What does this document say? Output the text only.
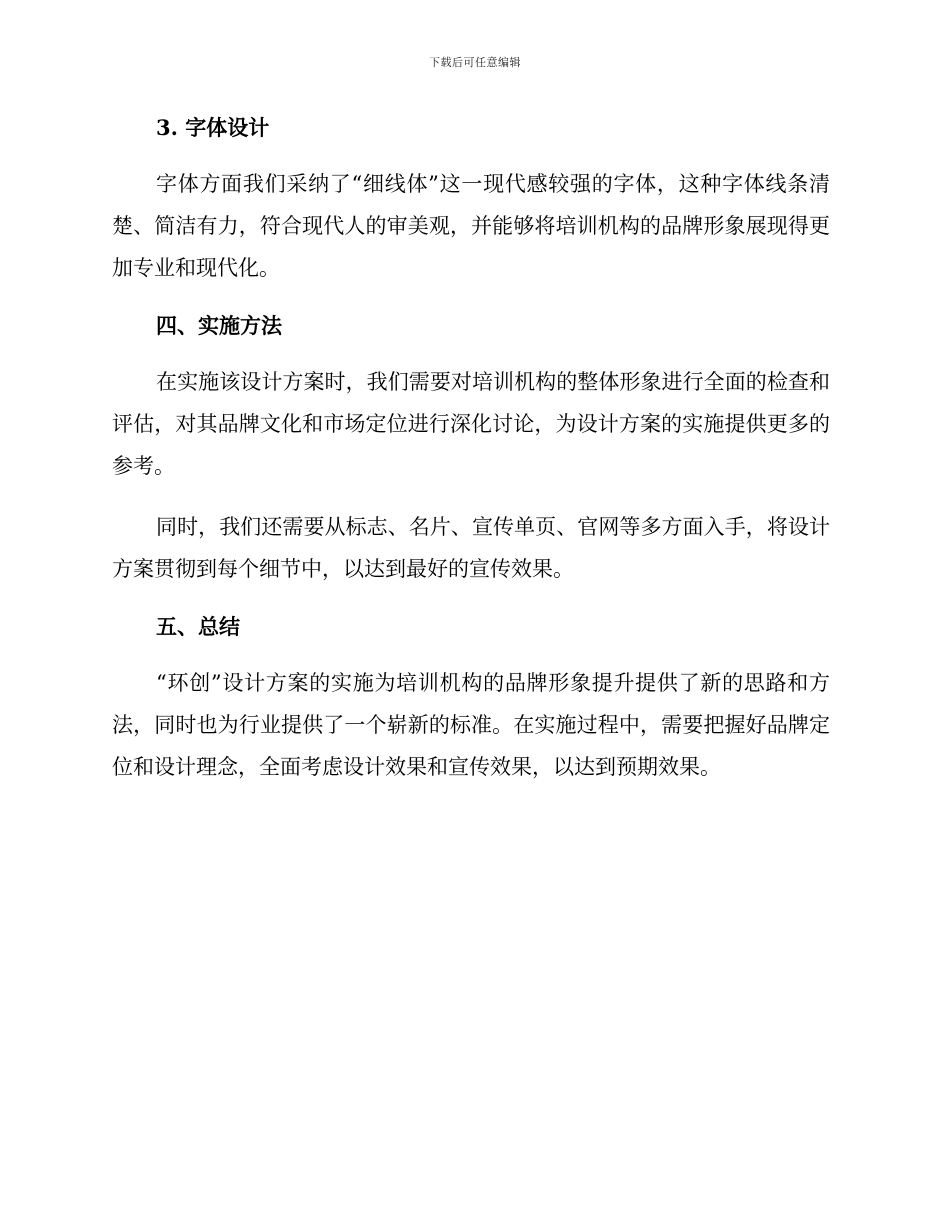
下载后可任意编辑
3. 字体设计

字体方面我们采纳了“细线体”这一现代感较强的字体，这种字体线条清楚、简洁有力，符合现代人的审美观，并能够将培训机构的品牌形象展现得更加专业和现代化。

四、实施方法

在实施该设计方案时，我们需要对培训机构的整体形象进行全面的检查和评估，对其品牌文化和市场定位进行深化讨论，为设计方案的实施提供更多的参考。

同时，我们还需要从标志、名片、宣传单页、官网等多方面入手，将设计方案贯彻到每个细节中，以达到最好的宣传效果。

五、总结

“环创”设计方案的实施为培训机构的品牌形象提升提供了新的思路和方法，同时也为行业提供了一个崭新的标准。在实施过程中，需要把握好品牌定位和设计理念，全面考虑设计效果和宣传效果，以达到预期效果。
